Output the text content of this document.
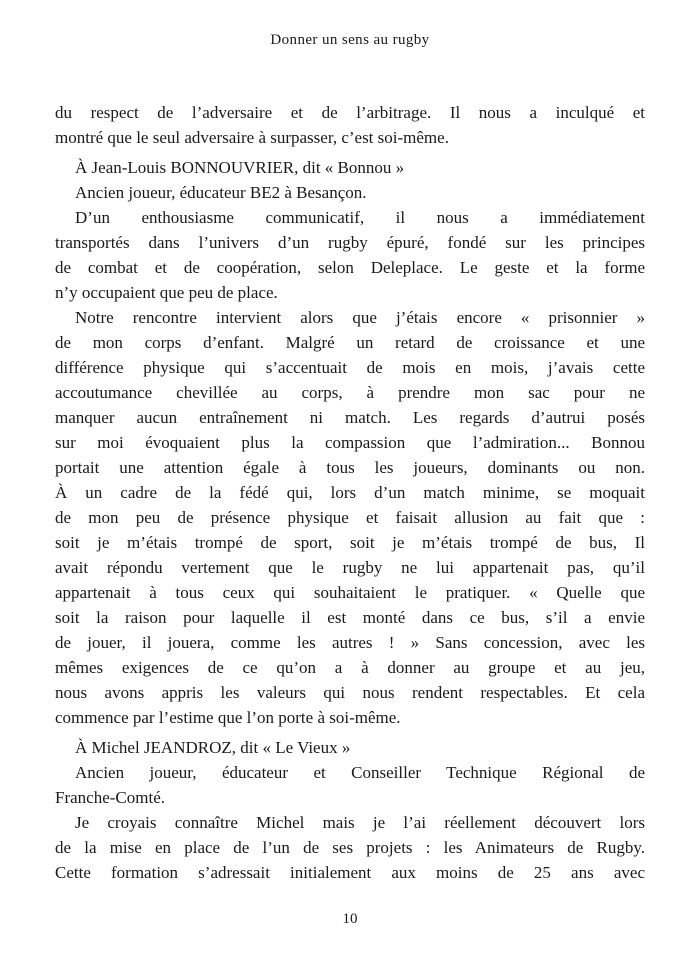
Donner un sens au rugby
du respect de l’adversaire et de l’arbitrage. Il nous a inculqué et
montré que le seul adversaire à surpasser, c’est soi-même.
À Jean-Louis BONNOUVRIER, dit « Bonnou »
Ancien joueur, éducateur BE2 à Besançon.
D’un enthousiasme communicatif, il nous a immédiatement
transportés dans l’univers d’un rugby épuré, fondé sur les principes
de combat et de coopération, selon Deleplace. Le geste et la forme
n’y occupaient que peu de place.
Notre rencontre intervient alors que j’étais encore « prisonnier »
de mon corps d’enfant. Malgré un retard de croissance et une
différence physique qui s’accentuait de mois en mois, j’avais cette
accoutumance chevillée au corps, à prendre mon sac pour ne
manquer aucun entraînement ni match. Les regards d’autrui posés
sur moi évoquaient plus la compassion que l’admiration... Bonnou
portait une attention égale à tous les joueurs, dominants ou non.
À un cadre de la fédé qui, lors d’un match minime, se moquait
de mon peu de présence physique et faisait allusion au fait que :
soit je m’étais trompé de sport, soit je m’étais trompé de bus, Il
avait répondu vertement que le rugby ne lui appartenait pas, qu’il
appartenait à tous ceux qui souhaitaient le pratiquer. « Quelle que
soit la raison pour laquelle il est monté dans ce bus, s’il a envie
de jouer, il jouera, comme les autres ! » Sans concession, avec les
mêmes exigences de ce qu’on a à donner au groupe et au jeu,
nous avons appris les valeurs qui nous rendent respectables. Et cela
commence par l’estime que l’on porte à soi-même.
À Michel JEANDROZ, dit « Le Vieux »
Ancien joueur, éducateur et Conseiller Technique Régional de
Franche-Comté.
Je croyais connaître Michel mais je l’ai réellement découvert lors
de la mise en place de l’un de ses projets : les Animateurs de Rugby.
Cette formation s’adressait initialement aux moins de 25 ans avec
10
